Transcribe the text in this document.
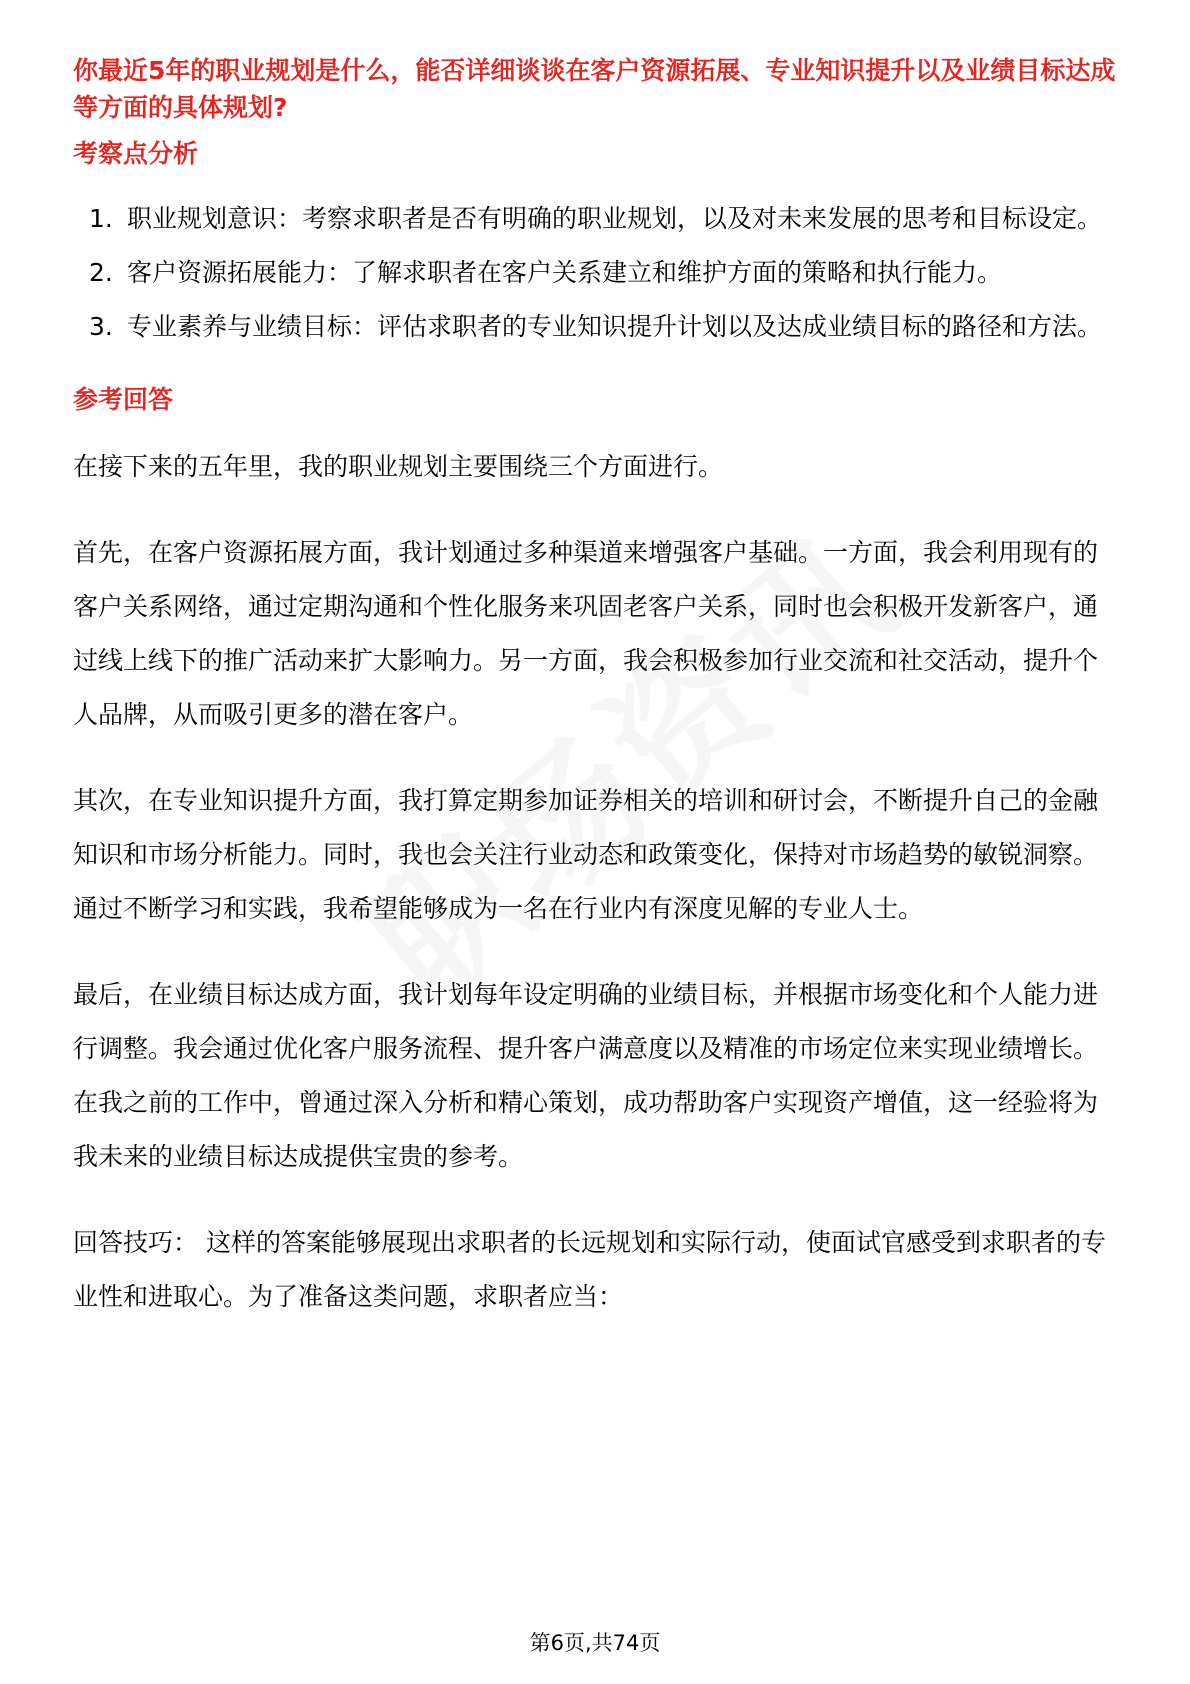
你最近5年的职业规划是什么，能否详细谈谈在客户资源拓展、专业知识提升以及业绩目标达成等方面的具体规划?

考察点分析

1. 职业规划意识：考察求职者是否有明确的职业规划，以及对未来发展的思考和目标设定。
2. 客户资源拓展能力：了解求职者在客户关系建立和维护方面的策略和执行能力。
3. 专业素养与业绩目标：评估求职者的专业知识提升计划以及达成业绩目标的路径和方法。

参考回答

在接下来的五年里，我的职业规划主要围绕三个方面进行。

首先，在客户资源拓展方面，我计划通过多种渠道来增强客户基础。一方面，我会利用现有的客户关系网络，通过定期沟通和个性化服务来巩固老客户关系，同时也会积极开发新客户，通过线上线下的推广活动来扩大影响力。另一方面，我会积极参加行业交流和社交活动，提升个人品牌，从而吸引更多的潜在客户。

其次，在专业知识提升方面，我打算定期参加证券相关的培训和研讨会，不断提升自己的金融知识和市场分析能力。同时，我也会关注行业动态和政策变化，保持对市场趋势的敏锐洞察。通过不断学习和实践，我希望能够成为一名在行业内有深度见解的专业人士。

最后，在业绩目标达成方面，我计划每年设定明确的业绩目标，并根据市场变化和个人能力进行调整。我会通过优化客户服务流程、提升客户满意度以及精准的市场定位来实现业绩增长。在我之前的工作中，曾通过深入分析和精心策划，成功帮助客户实现资产增值，这一经验将为我未来的业绩目标达成提供宝贵的参考。

回答技巧： 这样的答案能够展现出求职者的长远规划和实际行动，使面试官感受到求职者的专业性和进取心。为了准备这类问题，求职者应当：

第6页,共74页
